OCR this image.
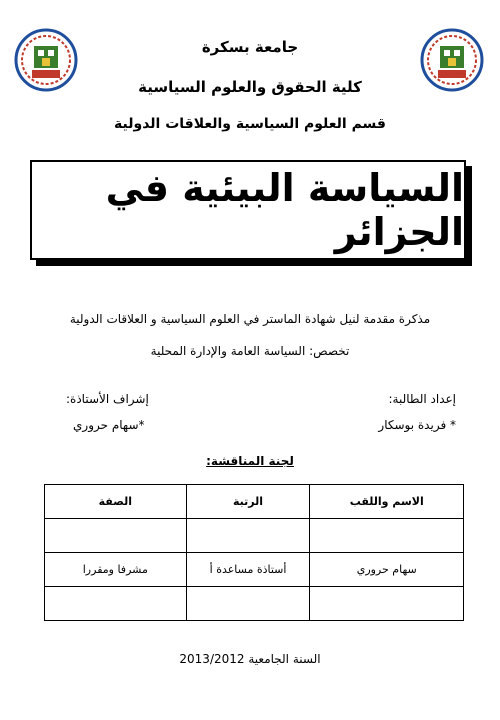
جامعة بسكرة
كلية الحقوق والعلوم السياسية
قسم العلوم السياسية والعلاقات الدولية
السياسة البيئية في الجزائر
مذكرة مقدمة لنيل شهادة الماستر في العلوم السياسية و العلاقات الدولية
تخصص: السياسة العامة والإدارة المحلية
إعداد الطالبة:
* فريدة بوسكار
إشراف الأستاذة:
*سهام حروري
لجنة المناقشة:
الاسم واللقب	الرتبة	الصفة

سهام حروري	أستاذة مساعدة أ	مشرفا ومقررا

السنة الجامعية 2013/2012
